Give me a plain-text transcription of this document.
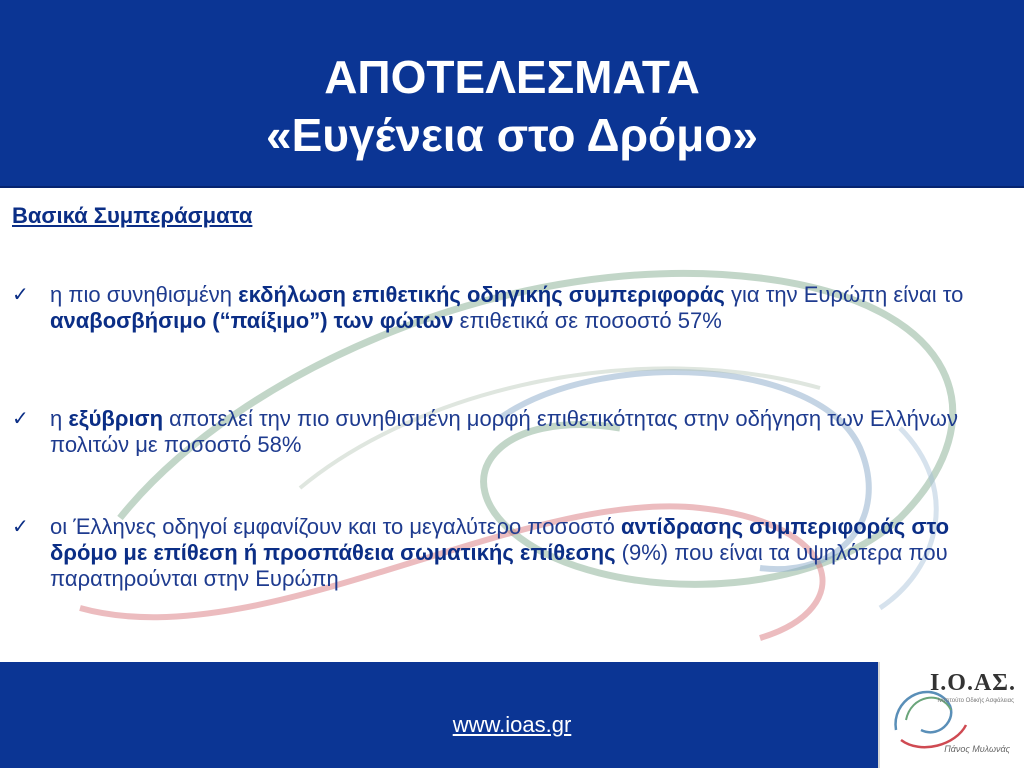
ΑΠΟΤΕΛΕΣΜΑΤΑ
«Ευγένεια στο Δρόμο»
Βασικά Συμπεράσματα
✓ η πιο συνηθισμένη εκδήλωση επιθετικής οδηγικής συμπεριφοράς για την Ευρώπη είναι το αναβοσβήσιμο (“παίξιμο”) των φώτων επιθετικά σε ποσοστό 57%
✓ η εξύβριση αποτελεί την πιο συνηθισμένη μορφή επιθετικότητας στην οδήγηση των Ελλήνων πολιτών με ποσοστό 58%
✓ οι Έλληνες οδηγοί εμφανίζουν και το μεγαλύτερο ποσοστό αντίδρασης συμπεριφοράς στο δρόμο με επίθεση ή προσπάθεια σωματικής επίθεσης (9%) που είναι τα υψηλότερα που παρατηρούνται στην Ευρώπη
www.ioas.gr
Ι.Ο.ΑΣ.
Ινστιτούτο Οδικής Ασφάλειας
Πάνος Μυλωνάς
